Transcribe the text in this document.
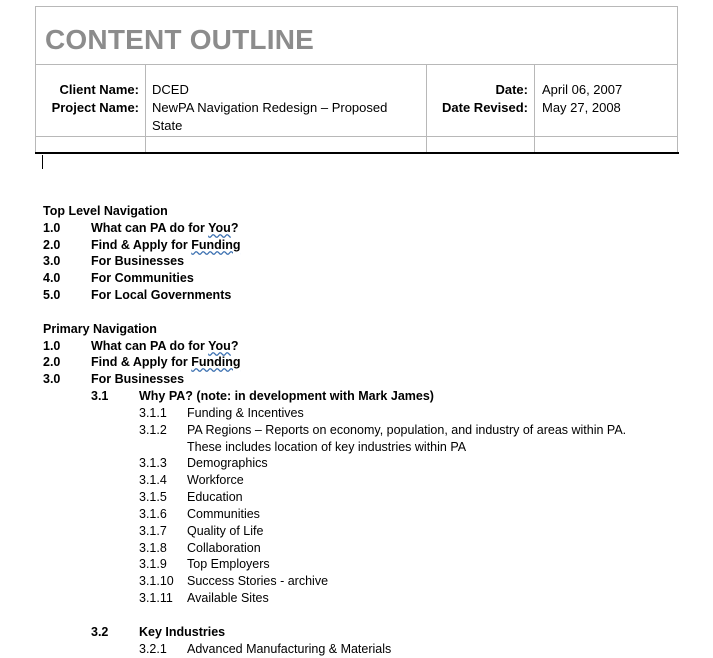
CONTENT OUTLINE
Client Name: DCED	Date: April 06, 2007
Project Name: NewPA Navigation Redesign – Proposed
State
Date Revised: May 27, 2008
Top Level Navigation
1.0 What can PA do for You?
2.0 Find & Apply for Funding
3.0 For Businesses
4.0 For Communities
5.0 For Local Governments
Primary Navigation
1.0 What can PA do for You?
2.0 Find & Apply for Funding
3.0 For Businesses
3.1 Why PA? (note: in development with Mark James)
3.1.1 Funding & Incentives
3.1.2 PA Regions – Reports on economy, population, and industry of areas within PA.
These includes location of key industries within PA
3.1.3 Demographics
3.1.4 Workforce
3.1.5 Education
3.1.6 Communities
3.1.7 Quality of Life
3.1.8 Collaboration
3.1.9 Top Employers
3.1.10 Success Stories - archive
3.1.11 Available Sites
3.2 Key Industries
3.2.1 Advanced Manufacturing & Materials
